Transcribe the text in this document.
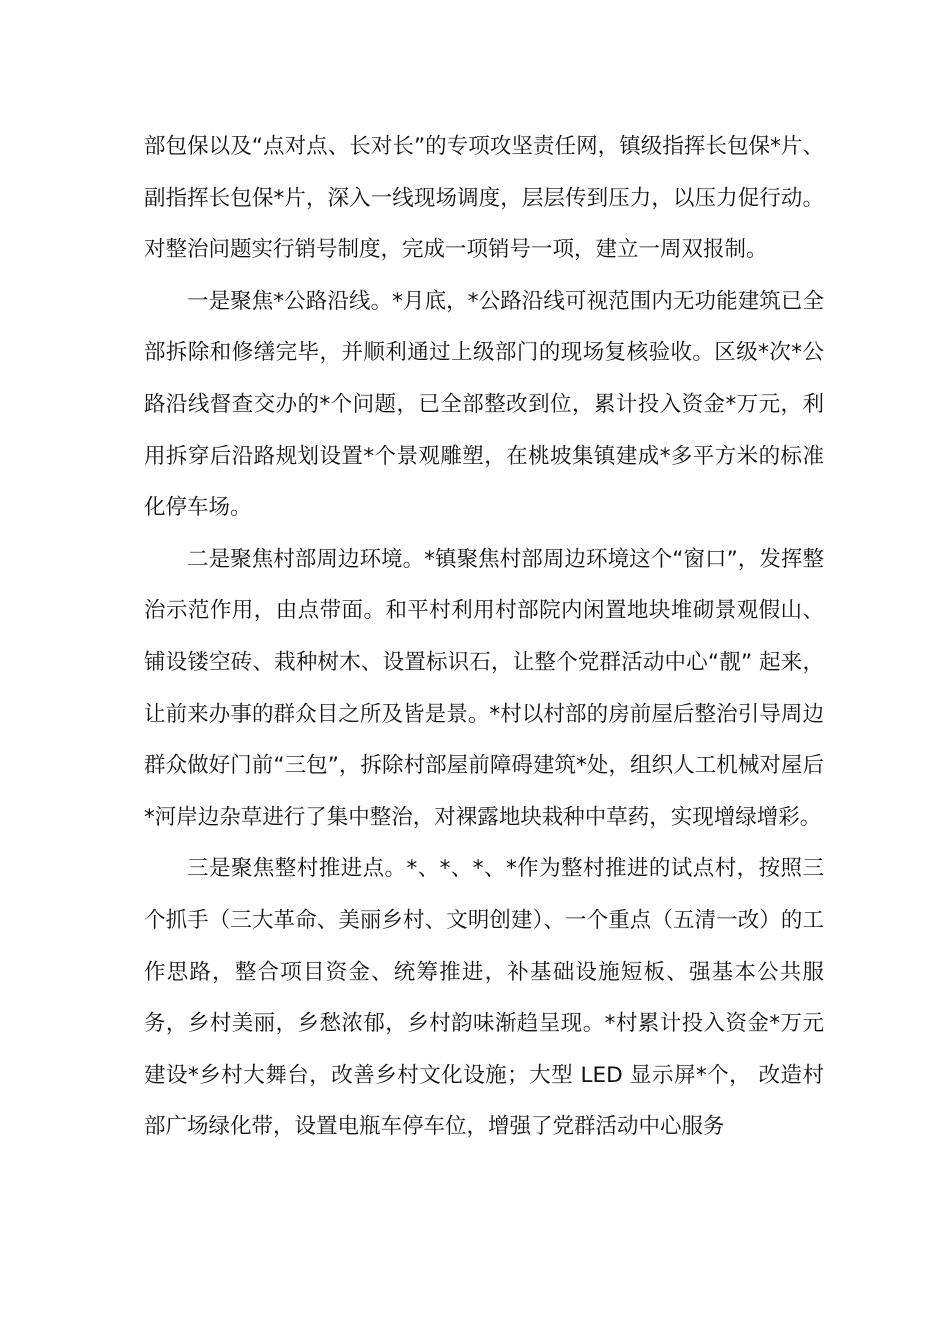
部包保以及“点对点、长对长”的专项攻坚责任网，镇级指挥长包保*片、副指挥长包保*片，深入一线现场调度，层层传到压力，以压力促行动。对整治问题实行销号制度，完成一项销号一项，建立一周双报制。

一是聚焦*公路沿线。*月底，*公路沿线可视范围内无功能建筑已全部拆除和修缮完毕，并顺利通过上级部门的现场复核验收。区级*次*公路沿线督查交办的*个问题，已全部整改到位，累计投入资金*万元，利用拆穿后沿路规划设置*个景观雕塑，在桃坡集镇建成*多平方米的标准化停车场。

二是聚焦村部周边环境。*镇聚焦村部周边环境这个“窗口”，发挥整治示范作用，由点带面。和平村利用村部院内闲置地块堆砌景观假山、铺设镂空砖、栽种树木、设置标识石，让整个党群活动中心“靓” 起来，让前来办事的群众目之所及皆是景。*村以村部的房前屋后整治引导周边群众做好门前“三包”，拆除村部屋前障碍建筑*处，组织人工机械对屋后*河岸边杂草进行了集中整治，对裸露地块栽种中草药，实现增绿增彩。

三是聚焦整村推进点。*、*、*、*作为整村推进的试点村，按照三个抓手（三大革命、美丽乡村、文明创建）、一个重点（五清一改）的工作思路，整合项目资金、统筹推进，补基础设施短板、强基本公共服务，乡村美丽，乡愁浓郁，乡村韵味渐趋呈现。*村累计投入资金*万元建设*乡村大舞台，改善乡村文化设施；大型 LED 显示屏*个， 改造村部广场绿化带，设置电瓶车停车位，增强了党群活动中心服务
